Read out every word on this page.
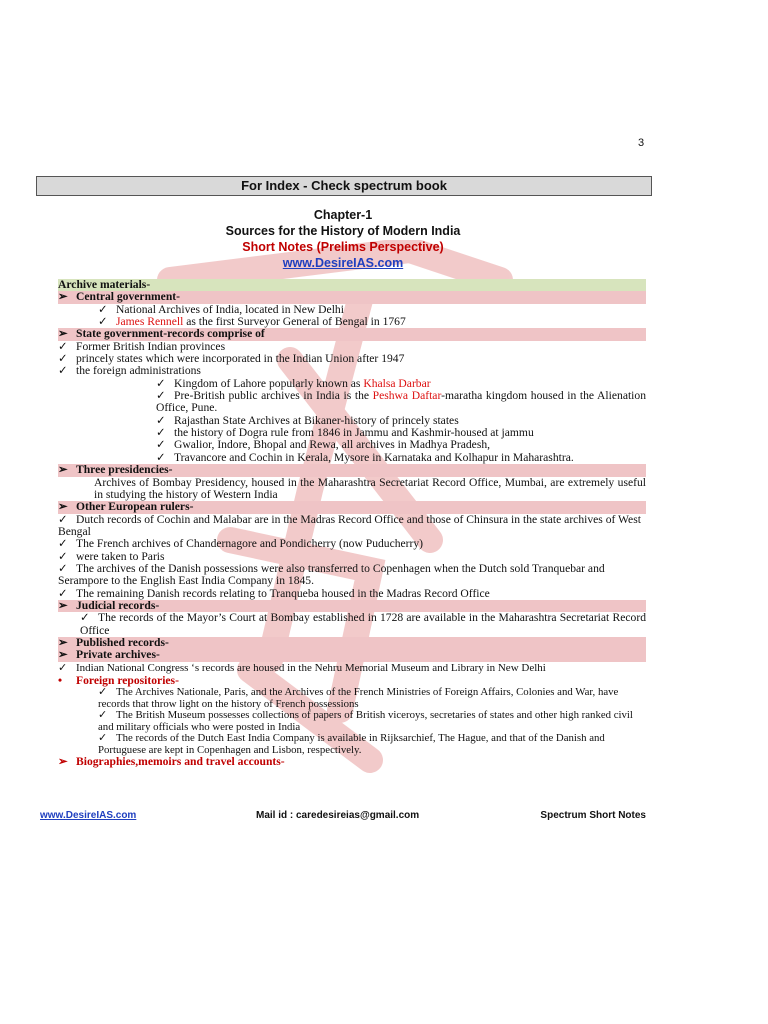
3
For Index - Check spectrum book
Chapter-1
Sources for the History of Modern India
Short Notes (Prelims Perspective)
www.DesireIAS.com
Archive materials-
➢ Central government-
✓ National Archives of India, located in New Delhi
✓ James Rennell as the first Surveyor General of Bengal in 1767
➢ State government-records comprise of
✓ Former British Indian provinces
✓ princely states which were incorporated in the Indian Union after 1947
✓ the foreign administrations
✓ Kingdom of Lahore popularly known as Khalsa Darbar
✓ Pre-British public archives in India is the Peshwa Daftar-maratha kingdom housed in the Alienation Office, Pune.
✓ Rajasthan State Archives at Bikaner-history of princely states
✓ the history of Dogra rule from 1846 in Jammu and Kashmir-housed at jammu
✓ Gwalior, Indore, Bhopal and Rewa, all archives in Madhya Pradesh,
✓ Travancore and Cochin in Kerala, Mysore in Karnataka and Kolhapur in Maharashtra.
➢ Three presidencies-
Archives of Bombay Presidency, housed in the Maharashtra Secretariat Record Office, Mumbai, are extremely useful in studying the history of Western India
➢ Other European rulers-
✓ Dutch records of Cochin and Malabar are in the Madras Record Office and those of Chinsura in the state archives of West Bengal
✓ The French archives of Chandernagore and Pondicherry (now Puducherry)
✓ were taken to Paris
✓ The archives of the Danish possessions were also transferred to Copenhagen when the Dutch sold Tranquebar and Serampore to the English East India Company in 1845.
✓ The remaining Danish records relating to Tranqueba housed in the Madras Record Office
➢ Judicial records-
✓ The records of the Mayor’s Court at Bombay established in 1728 are available in the Maharashtra Secretariat Record Office
➢ Published records-
➢ Private archives-
✓ Indian National Congress ‘s records are housed in the Nehru Memorial Museum and Library in New Delhi
• Foreign repositories-
✓ The Archives Nationale, Paris, and the Archives of the French Ministries of Foreign Affairs, Colonies and War, have records that throw light on the history of French possessions
✓ The British Museum possesses collections of papers of British viceroys, secretaries of states and other high ranked civil and military officials who were posted in India
✓ The records of the Dutch East India Company is available in Rijksarchief, The Hague, and that of the Danish and Portuguese are kept in Copenhagen and Lisbon, respectively.
➢ Biographies,memoirs and travel accounts-
www.DesireIAS.com	Mail id : caredesireias@gmail.com	Spectrum Short Notes
